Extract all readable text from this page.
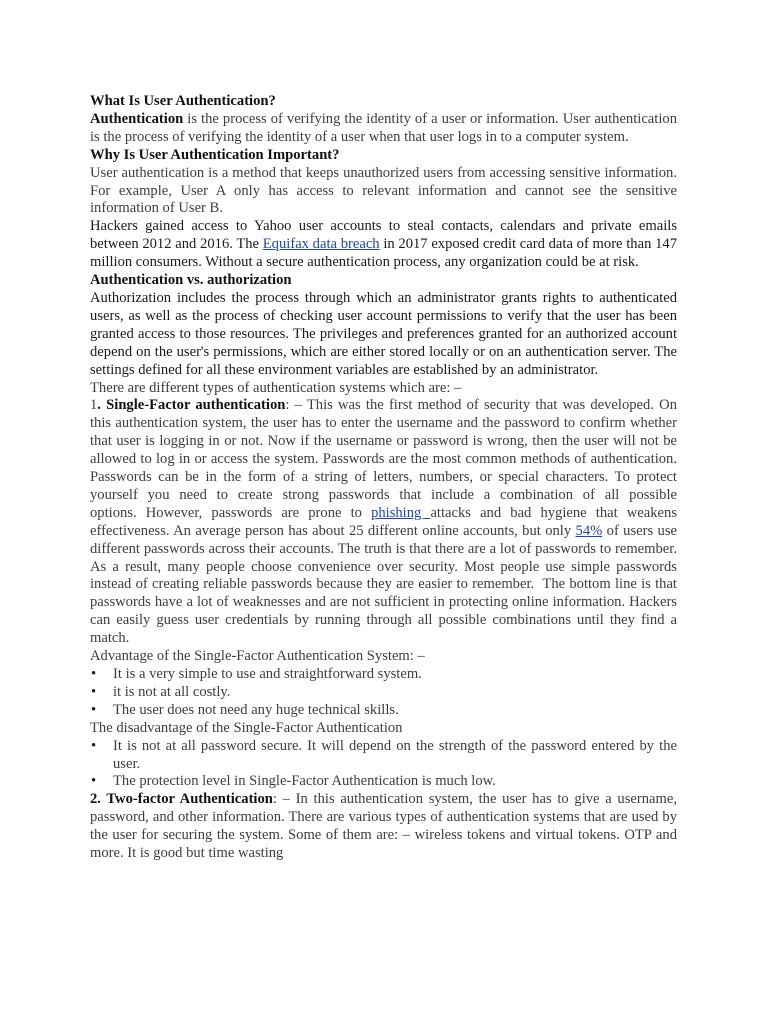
What Is User Authentication?

Authentication is the process of verifying the identity of a user or information. User authentication is the process of verifying the identity of a user when that user logs in to a computer system.

Why Is User Authentication Important?

User authentication is a method that keeps unauthorized users from accessing sensitive information. For example, User A only has access to relevant information and cannot see the sensitive information of User B.

Hackers gained access to Yahoo user accounts to steal contacts, calendars and private emails between 2012 and 2016. The Equifax data breach in 2017 exposed credit card data of more than 147 million consumers. Without a secure authentication process, any organization could be at risk.

Authentication vs. authorization

Authorization includes the process through which an administrator grants rights to authenticated users, as well as the process of checking user account permissions to verify that the user has been granted access to those resources. The privileges and preferences granted for an authorized account depend on the user's permissions, which are either stored locally or on an authentication server. The settings defined for all these environment variables are established by an administrator.

There are different types of authentication systems which are: –

1. Single-Factor authentication: – This was the first method of security that was developed. On this authentication system, the user has to enter the username and the password to confirm whether that user is logging in or not. Now if the username or password is wrong, then the user will not be allowed to log in or access the system. Passwords are the most common methods of authentication. Passwords can be in the form of a string of letters, numbers, or special characters. To protect yourself you need to create strong passwords that include a combination of all possible options. However, passwords are prone to phishing attacks and bad hygiene that weakens effectiveness. An average person has about 25 different online accounts, but only 54% of users use different passwords across their accounts. The truth is that there are a lot of passwords to remember. As a result, many people choose convenience over security. Most people use simple passwords instead of creating reliable passwords because they are easier to remember.  The bottom line is that passwords have a lot of weaknesses and are not sufficient in protecting online information. Hackers can easily guess user credentials by running through all possible combinations until they find a match.

Advantage of the Single-Factor Authentication System: –

• It is a very simple to use and straightforward system.
• it is not at all costly.
• The user does not need any huge technical skills.

The disadvantage of the Single-Factor Authentication

• It is not at all password secure. It will depend on the strength of the password entered by the user.
• The protection level in Single-Factor Authentication is much low.

2. Two-factor Authentication: – In this authentication system, the user has to give a username, password, and other information. There are various types of authentication systems that are used by the user for securing the system. Some of them are: – wireless tokens and virtual tokens. OTP and more. It is good but time wasting
